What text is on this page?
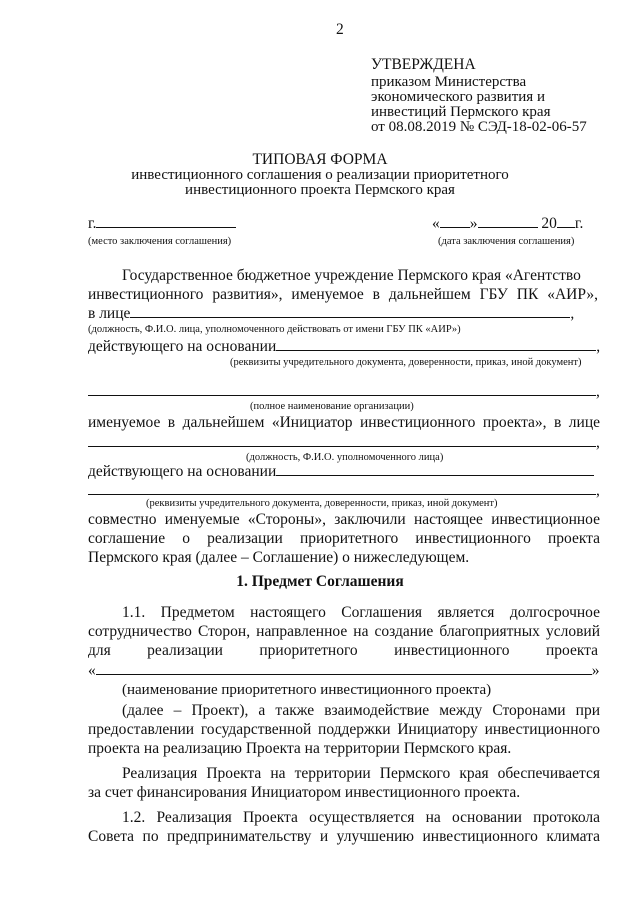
2
УТВЕРЖДЕНА
приказом Министерства
экономического развития и
инвестиций Пермского края
от 08.08.2019 № СЭД-18-02-06-57
ТИПОВАЯ ФОРМА
инвестиционного соглашения о реализации приоритетного
инвестиционного проекта Пермского края
г.	« »	20 г.
(место заключения соглашения)	(дата заключения соглашения)
Государственное бюджетное учреждение Пермского края «Агентство
инвестиционного развития», именуемое в дальнейшем ГБУ ПК «АИР»,
в лице	,
(должность, Ф.И.О. лица, уполномоченного действовать от имени ГБУ ПК «АИР»)
действующего на основании	,
(реквизиты учредительного документа, доверенности, приказ, иной документ)
,
(полное наименование организации)
именуемое в дальнейшем «Инициатор инвестиционного проекта», в лице
,
(должность, Ф.И.О. уполномоченного лица)
действующего на основании
,
(реквизиты учредительного документа, доверенности, приказ, иной документ)
совместно именуемые «Стороны», заключили настоящее инвестиционное
соглашение о реализации приоритетного инвестиционного проекта
Пермского края (далее – Соглашение) о нижеследующем.
1. Предмет Соглашения
1.1. Предметом настоящего Соглашения является долгосрочное
сотрудничество Сторон, направленное на создание благоприятных условий
для реализации приоритетного инвестиционного проекта
«	»
(наименование приоритетного инвестиционного проекта)
(далее – Проект), а также взаимодействие между Сторонами при
предоставлении государственной поддержки Инициатору инвестиционного
проекта на реализацию Проекта на территории Пермского края.
Реализация Проекта на территории Пермского края обеспечивается
за счет финансирования Инициатором инвестиционного проекта.
1.2. Реализация Проекта осуществляется на основании протокола
Совета по предпринимательству и улучшению инвестиционного климата
